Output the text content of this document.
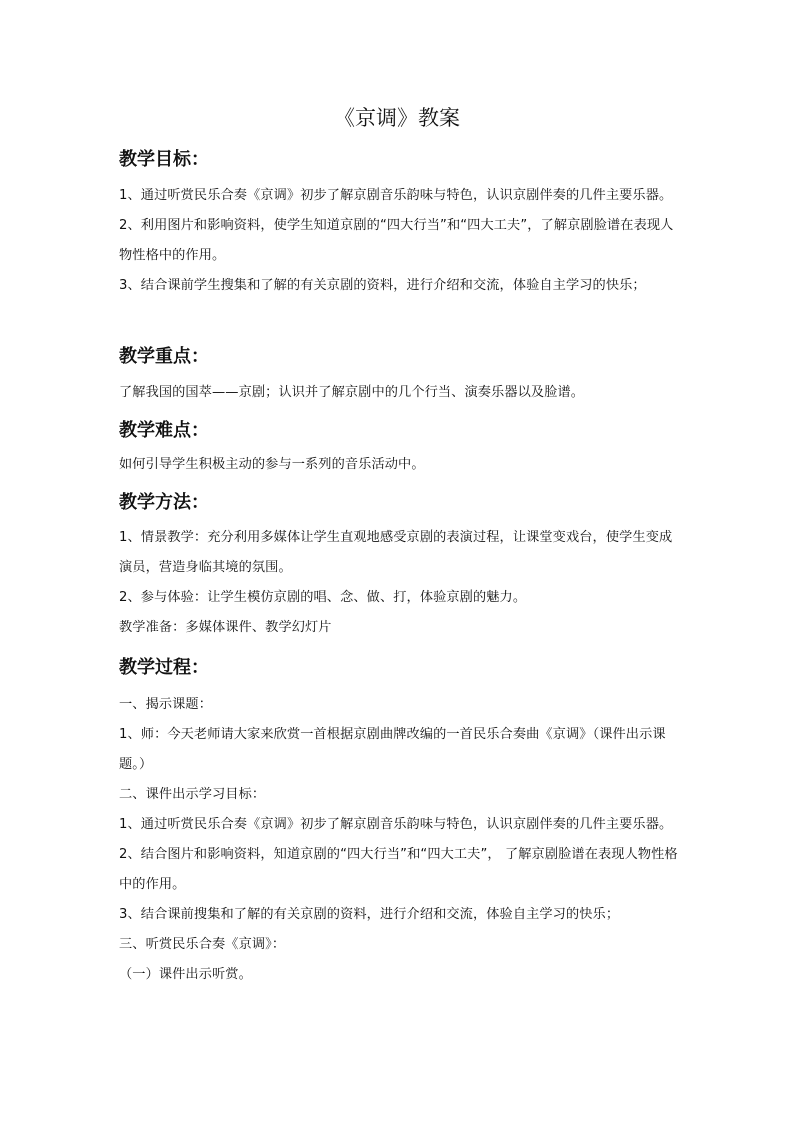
《京调》教案
教学目标：

1、通过听赏民乐合奏《京调》初步了解京剧音乐韵味与特色，认识京剧伴奏的几件主要乐器。

2、利用图片和影响资料，使学生知道京剧的“四大行当”和“四大工夫”，了解京剧脸谱在表现人物性格中的作用。

3、结合课前学生搜集和了解的有关京剧的资料，进行介绍和交流，体验自主学习的快乐；

教学重点：

了解我国的国萃——京剧；认识并了解京剧中的几个行当、演奏乐器以及脸谱。

教学难点：

如何引导学生积极主动的参与一系列的音乐活动中。

教学方法：

1、情景教学：充分利用多媒体让学生直观地感受京剧的表演过程，让课堂变戏台，使学生变成演员，营造身临其境的氛围。

2、参与体验：让学生模仿京剧的唱、念、做、打，体验京剧的魅力。

教学准备：多媒体课件、教学幻灯片

教学过程：

一、揭示课题：

1、师：今天老师请大家来欣赏一首根据京剧曲牌改编的一首民乐合奏曲《京调》（课件出示课题。）

二、课件出示学习目标：

1、通过听赏民乐合奏《京调》初步了解京剧音乐韵味与特色，认识京剧伴奏的几件主要乐器。

2、结合图片和影响资料，知道京剧的“四大行当”和“四大工夫”， 了解京剧脸谱在表现人物性格中的作用。

3、结合课前搜集和了解的有关京剧的资料，进行介绍和交流，体验自主学习的快乐；

三、听赏民乐合奏《京调》：

（一）课件出示听赏。
